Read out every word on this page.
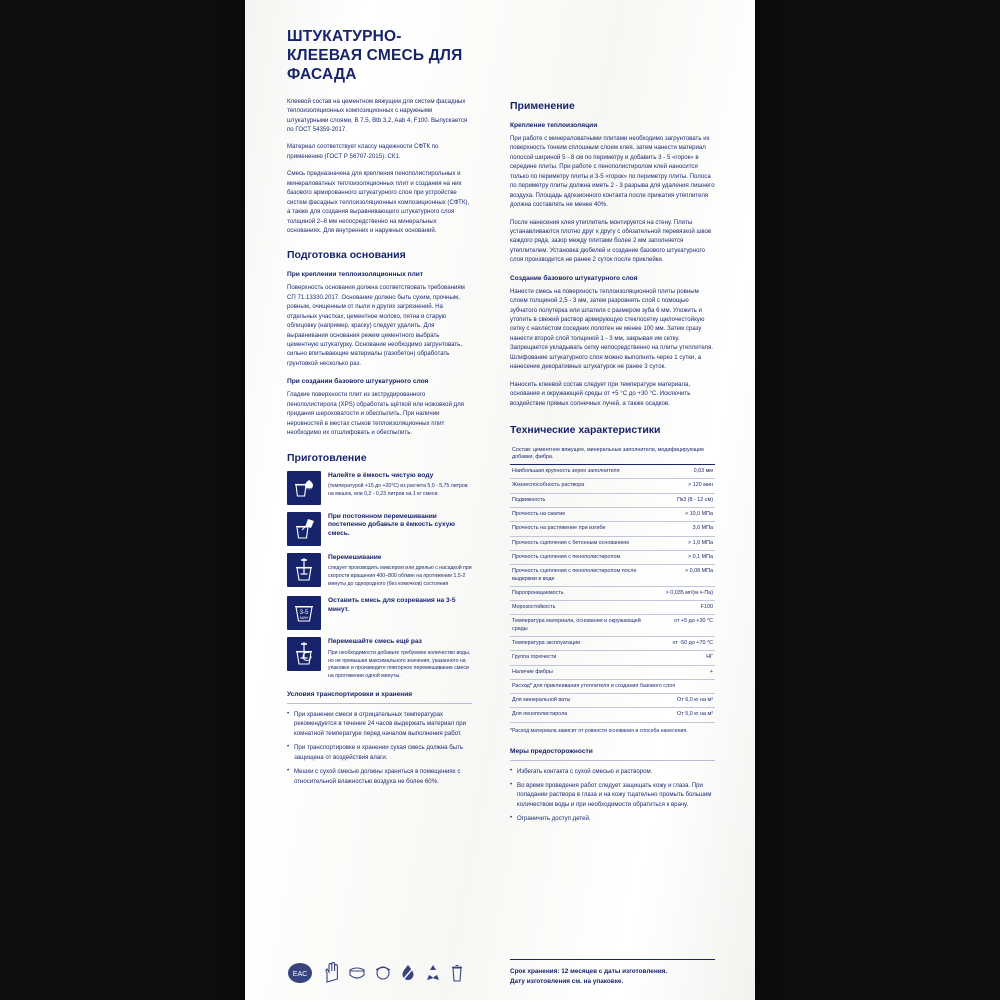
ШТУКАТУРНО-КЛЕЕВАЯ СМЕСЬ ДЛЯ ФАСАДА

Клеевой состав на цементном вяжущем для систем фасадных теплоизоляционных композиционных с наружными штукатурными слоями, В 7,5, Btb 3,2, Aab 4, F100. Выпускается по ГОСТ 54359-2017.

Материал соответствует классу надежности СФТК по применению (ГОСТ Р 56707-2015): СК1.

Смесь предназначена для крепления пенополистирольных и минераловатных теплоизоляционных плит и создания на них базового армированного штукатурного слоя при устройстве систем фасадных теплоизоляционных композиционных (СФТК), а также для создания выравнивающего штукатурного слоя толщиной 2–8 мм непосредственно на минеральных основаниях. Для внутренних и наружных оснований.

Подготовка основания
При креплении теплоизоляционных плит

Поверхность основания должна соответствовать требованиям СП 71.13330.2017. Основание должно быть сухим, прочным, ровным, очищенным от пыли и других загрязнений. На отдельных участках, цементное молоко, пятна и старую облицовку (например, краску) следует удалить. Для выравнивания основания режем цементного выбрать цементную штукатурку. Основание необходимо загрунтовать, сильно впитывающие материалы (газобетон) обработать грунтовкой несколько раз.

При создании базового штукатурного слоя

Гладкие поверхности плит из экструдированного пенополистирола (XPS) обработать щёткой или ножовкой для придания шероховатости и обеспылить. При наличии неровностей в местах стыков теплоизоляционных плит необходимо их отшлифовать и обеспылить.

Приготовление
Налейте в ёмкость чистую воду
(температурой +15 до +20°C) из расчета 5,0 - 5,75 литров на мешок, или 0,2 - 0,23 литров на 1 кг смеси.
При постоянном перемешивании постепенно добавьте в ёмкость сухую смесь.
Перемешивание
следует производить миксером или дрелью с насадкой при скорости вращения 400–800 об/мин на протяжении 1,5-2 минуты до однородного (без комочков) состояния
3-5
МИН
Оставить смесь для созревания на 3-5 минут.
Перемешайте смесь ещё раз
При необходимости добавьте требуемое количество воды, но не превышая максимального значения, указанного на упаковке и произведите повторное перемешивание смеси на протяжении одной минуты.
Условия транспортировки и хранения
• При хранении смеси в отрицательных температурах рекомендуется в течение 24 часов выдержать материал при комнатной температуре перед началом выполнения работ.
• При транспортировке и хранении сухая смесь должна быть защищена от воздействия влаги.
• Мешки с сухой смесью должны храниться в помещениях с относительной влажностью воздуха не более 60%.
Применение
Крепление теплоизоляции

При работе с минераловатными плитами необходимо загрунтовать их поверхность тонким сплошным слоем клея, затем нанести материал полосой шириной 5 - 8 см по периметру и добавить 3 - 5 «горок» в середине плиты. При работе с пенополистиролом клей наносится только по периметру плиты и 3-5 «горок» по периметру плиты. Полоса по периметру плиты должна иметь 2 - 3 разрыва для удаления лишнего воздуха. Площадь адгезионного контакта после прижатия утеплителя должна составлять не менее 40%.

После нанесения клея утеплитель монтируется на стену. Плиты устанавливаются плотно друг к другу с обязательной перевязкой швов каждого ряда, зазор между плитами более 2 мм заполняется утеплителем. Установка дюбелей и создание базового штукатурного слоя производится не ранее 2 суток после приклейки.

Создание базового штукатурного слоя

Нанести смесь на поверхность теплоизоляционной плиты ровным слоем толщиной 2,5 - 3 мм, затем разровнять слой с помощью зубчатого полутерка или шпателя с размером зуба 6 мм. Уложить и утопить в свежий раствор армирующую стеклосетку щелочестойкую сетку с нахлестом соседних полотен не менее 100 мм. Затем сразу нанести второй слой толщиной 1 - 3 мм, закрывая им сетку. Запрещается укладывать сетку непосредственно на плиты утеплителя. Шлифование штукатурного слоя можно выполнить через 1 сутки, а нанесение декоративных штукатурок не ранее 3 суток.

Наносить клеевой состав следует при температуре материала, основания и окружающей среды от +5 °С до +30 °С. Исключить воздействие прямых солнечных лучей, а также осадков.

Технические характеристики
Состав: цементное вяжущее, минеральные заполнители, модифицирующие добавки, фибра.	
Наибольшая крупность зерен заполнителя	0,63 мм
Жизнеспособность раствора	> 120 мин
Подвижность	Пк3 (8 - 12 см)
Прочность на сжатие	> 10,0 МПа
Прочность на растяжение при изгибе	3,0 МПа
Прочность сцепления с бетонным основанием	> 1,0 МПа
Прочность сцепления с пенополистиролом	> 0,1 МПа
Прочность сцепления с пенополистиролом после выдержки в воде	> 0,08 МПа
Паропроницаемость	> 0,035 мг/(м·ч·Па)
Морозостойкость	F100
Температура материала, основания и окружающей среды	от +5 до +30 °С
Температура эксплуатации	от -50 до +70 °С
Группа горючести	НГ
Наличие фибры	+
Расход* для приклеивания утеплителя и создания базового слоя	
Для минеральной ваты	От 6,0 кг на м²
Для пенополистирола	От 5,0 кг на м²
*Расход материала зависит от ровности основания и способа нанесения.
Меры предосторожности
• Избегать контакта с сухой смесью и раствором.
• Во время проведения работ следует защищать кожу и глаза. При попадании раствора в глаза и на кожу тщательно промыть большим количеством воды и при необходимости обратиться к врачу.
• Ограничить доступ детей.
Срок хранения: 12 месяцев с даты изготовления.
Дату изготовления см. на упаковке.
EAC
